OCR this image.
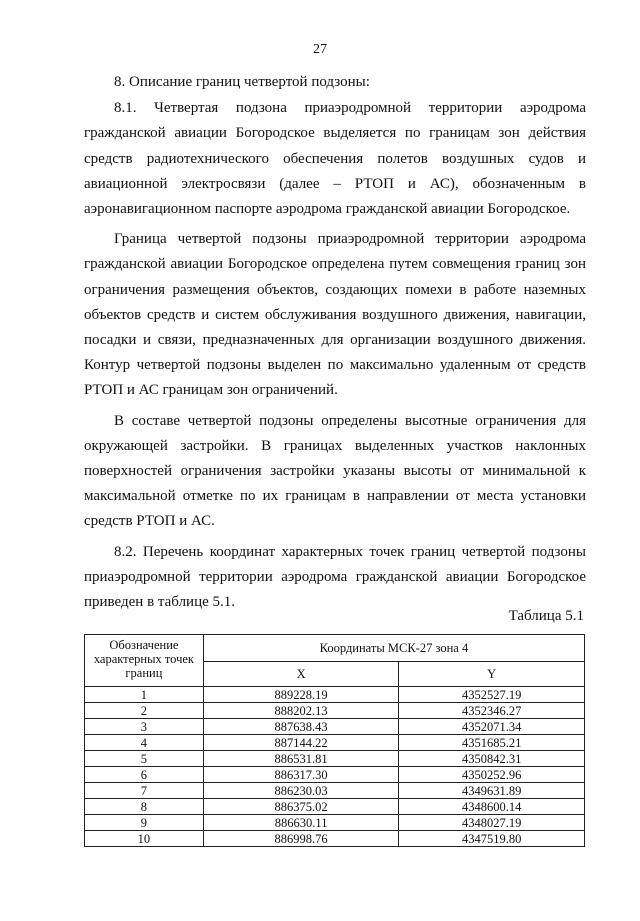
27

8. Описание границ четвертой подзоны:

8.1. Четвертая подзона приаэродромной территории аэродрома гражданской авиации Богородское выделяется по границам зон действия средств радиотехнического обеспечения полетов воздушных судов и авиационной электросвязи (далее – РТОП и АС), обозначенным в аэронавигационном паспорте аэродрома гражданской авиации Богородское.

Граница четвертой подзоны приаэродромной территории аэродрома гражданской авиации Богородское определена путем совмещения границ зон ограничения размещения объектов, создающих помехи в работе наземных объектов средств и систем обслуживания воздушного движения, навигации, посадки и связи, предназначенных для организации воздушного движения. Контур четвертой подзоны выделен по максимально удаленным от средств РТОП и АС границам зон ограничений.

В составе четвертой подзоны определены высотные ограничения для окружающей застройки. В границах выделенных участков наклонных поверхностей ограничения застройки указаны высоты от минимальной к максимальной отметке по их границам в направлении от места установки средств РТОП и АС.

8.2. Перечень координат характерных точек границ четвертой подзоны приаэродромной территории аэродрома гражданской авиации Богородское приведен в таблице 5.1.

Таблица 5.1
Обозначение характерных точек границ	Координаты МСК-27 зона 4	
	X	Y
1	889228.19	4352527.19
2	888202.13	4352346.27
3	887638.43	4352071.34
4	887144.22	4351685.21
5	886531.81	4350842.31
6	886317.30	4350252.96
7	886230.03	4349631.89
8	886375.02	4348600.14
9	886630.11	4348027.19
10	886998.76	4347519.80
